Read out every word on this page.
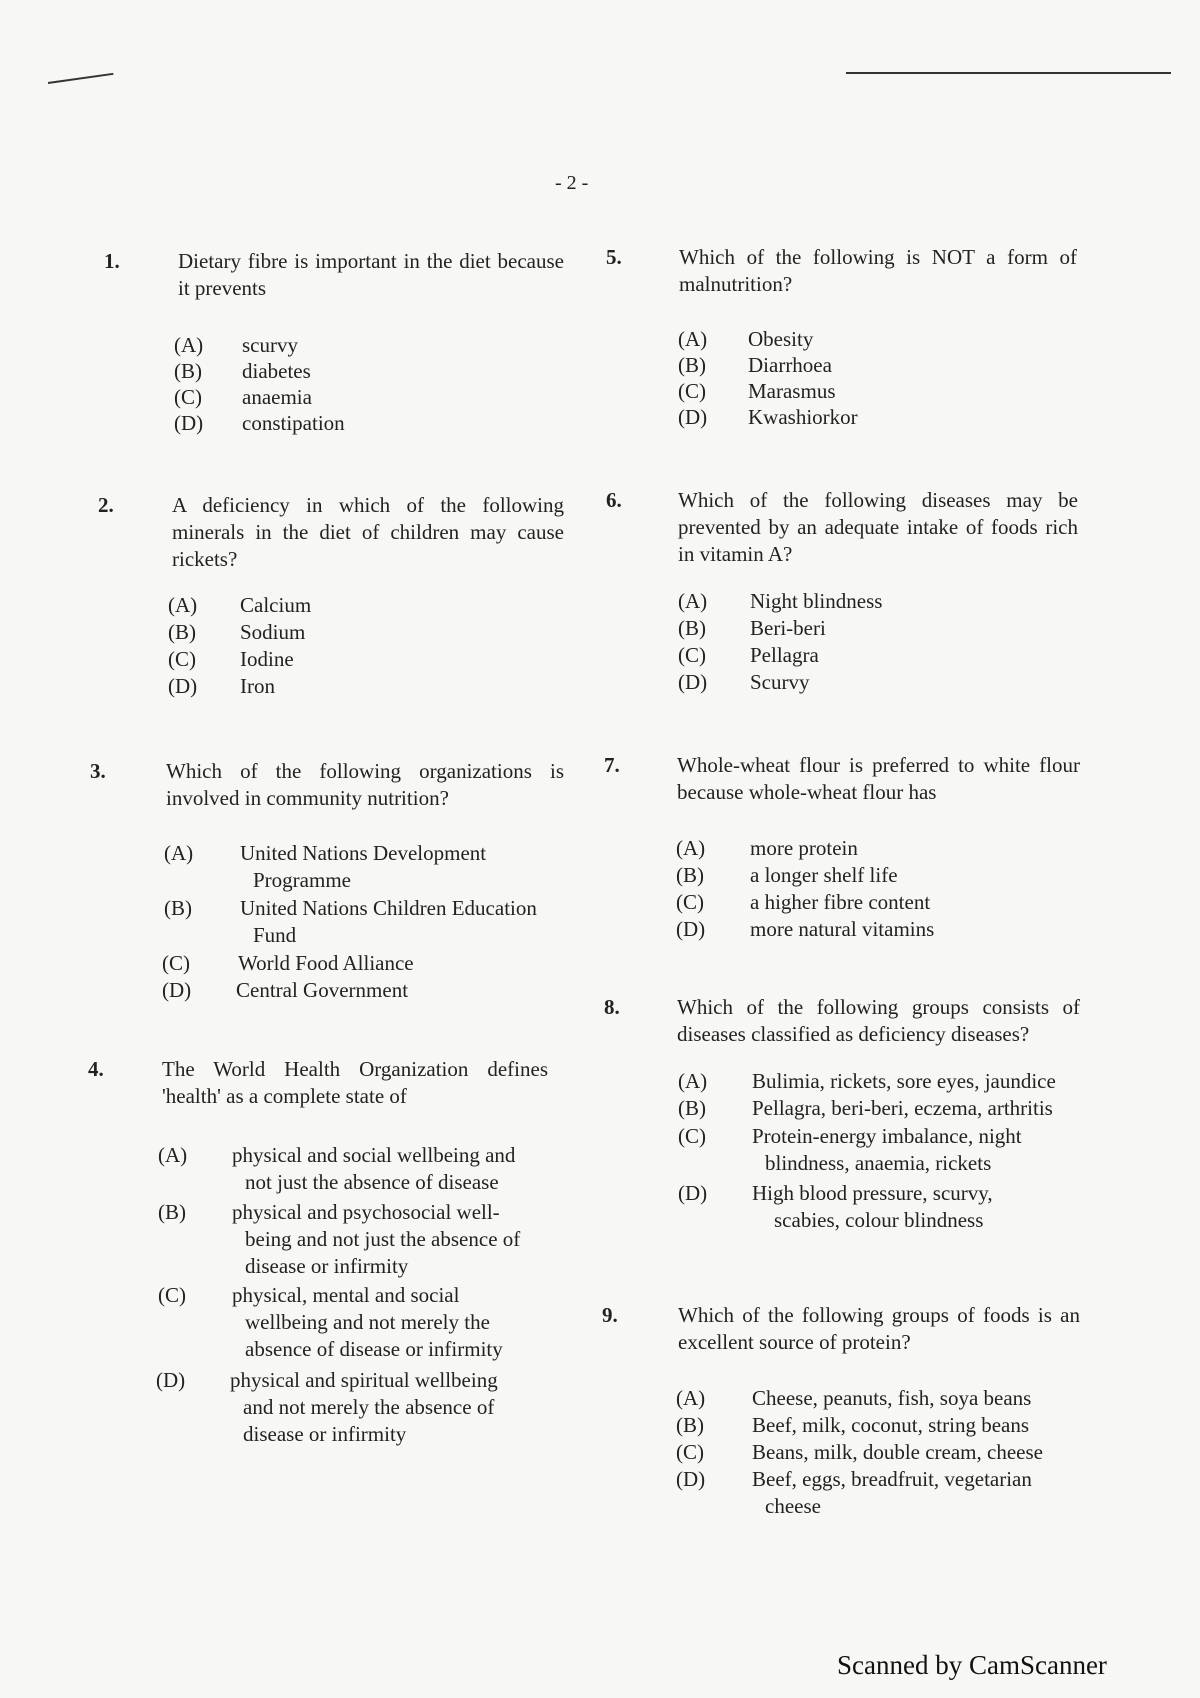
- 2 -
1.	Dietary fibre is important in the diet because it prevents
(A) scurvy
(B) diabetes
(C) anaemia
(D) constipation
2.	A deficiency in which of the following minerals in the diet of children may cause rickets?
(A) Calcium
(B) Sodium
(C) Iodine
(D) Iron
3.	Which of the following organizations is involved in community nutrition?
(A) United Nations Development
Programme
(B) United Nations Children Education
Fund
(C) World Food Alliance
(D) Central Government
4.	The World Health Organization defines 'health' as a complete state of
(A) physical and social wellbeing and
not just the absence of disease
(B) physical and psychosocial well-
being and not just the absence of
disease or infirmity
(C) physical, mental and social
wellbeing and not merely the
absence of disease or infirmity
(D) physical and spiritual wellbeing
and not merely the absence of
disease or infirmity
5.	Which of the following is NOT a form of malnutrition?
(A) Obesity
(B) Diarrhoea
(C) Marasmus
(D) Kwashiorkor
6.	Which of the following diseases may be prevented by an adequate intake of foods rich in vitamin A?
(A) Night blindness
(B) Beri-beri
(C) Pellagra
(D) Scurvy
7.	Whole-wheat flour is preferred to white flour because whole-wheat flour has
(A) more protein
(B) a longer shelf life
(C) a higher fibre content
(D) more natural vitamins
8.	Which of the following groups consists of diseases classified as deficiency diseases?
(A) Bulimia, rickets, sore eyes, jaundice
(B) Pellagra, beri-beri, eczema, arthritis
(C) Protein-energy imbalance, night
blindness, anaemia, rickets
(D) High blood pressure, scurvy,
scabies, colour blindness
9.	Which of the following groups of foods is an excellent source of protein?
(A) Cheese, peanuts, fish, soya beans
(B) Beef, milk, coconut, string beans
(C) Beans, milk, double cream, cheese
(D) Beef, eggs, breadfruit, vegetarian
cheese
Scanned by CamScanner
